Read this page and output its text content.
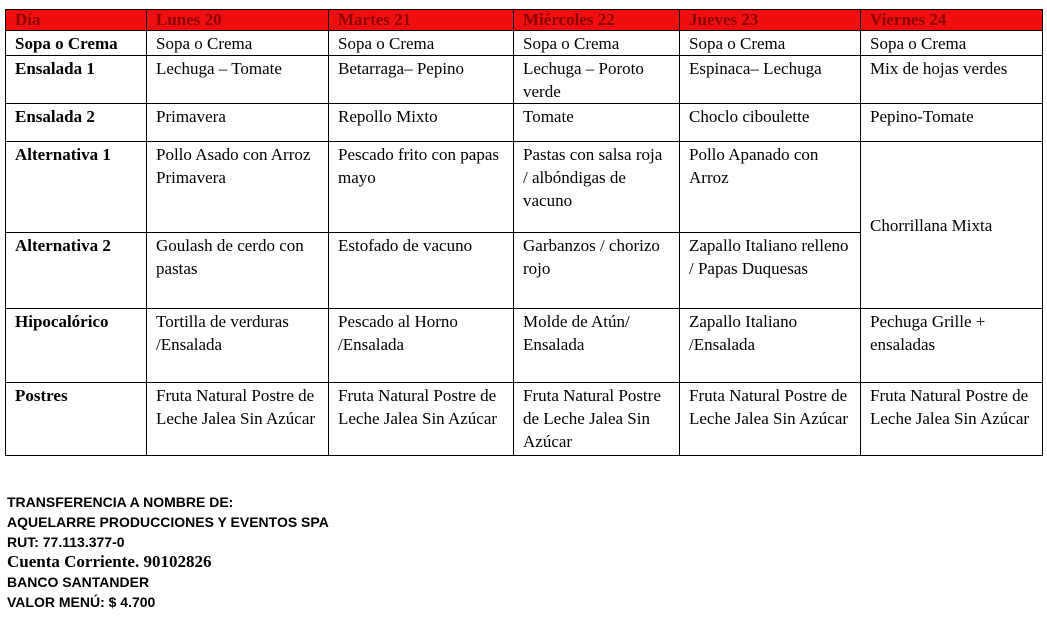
Día	Lunes 20	Martes 21	Miércoles 22	Jueves 23	Viernes 24
Sopa o Crema	Sopa o Crema	Sopa o Crema	Sopa o Crema	Sopa o Crema	Sopa o Crema
Ensalada 1	Lechuga – Tomate	Betarraga– Pepino	Lechuga – Poroto verde	Espinaca– Lechuga	Mix de hojas verdes
Ensalada 2	Primavera	Repollo Mixto	Tomate	Choclo ciboulette	Pepino-Tomate
Alternativa 1	Pollo Asado con Arroz Primavera	Pescado frito con papas mayo	Pastas con salsa roja / albóndigas de vacuno	Pollo Apanado con Arroz	Chorrillana Mixta
Alternativa 2	Goulash de cerdo con pastas	Estofado de vacuno	Garbanzos / chorizo rojo	Zapallo Italiano relleno / Papas Duquesas	
Hipocalórico	Tortilla de verduras /Ensalada	Pescado al Horno /Ensalada	Molde de Atún/ Ensalada	Zapallo Italiano /Ensalada	Pechuga Grille + ensaladas
Postres	Fruta Natural Postre de Leche Jalea Sin Azúcar	Fruta Natural Postre de Leche Jalea Sin Azúcar	Fruta Natural Postre de Leche Jalea Sin Azúcar	Fruta Natural Postre de Leche Jalea Sin Azúcar	Fruta Natural Postre de Leche Jalea Sin Azúcar
TRANSFERENCIA A NOMBRE DE:
AQUELARRE PRODUCCIONES Y EVENTOS SPA
RUT: 77.113.377-0
Cuenta Corriente. 90102826
BANCO SANTANDER
VALOR MENÚ: $ 4.700
